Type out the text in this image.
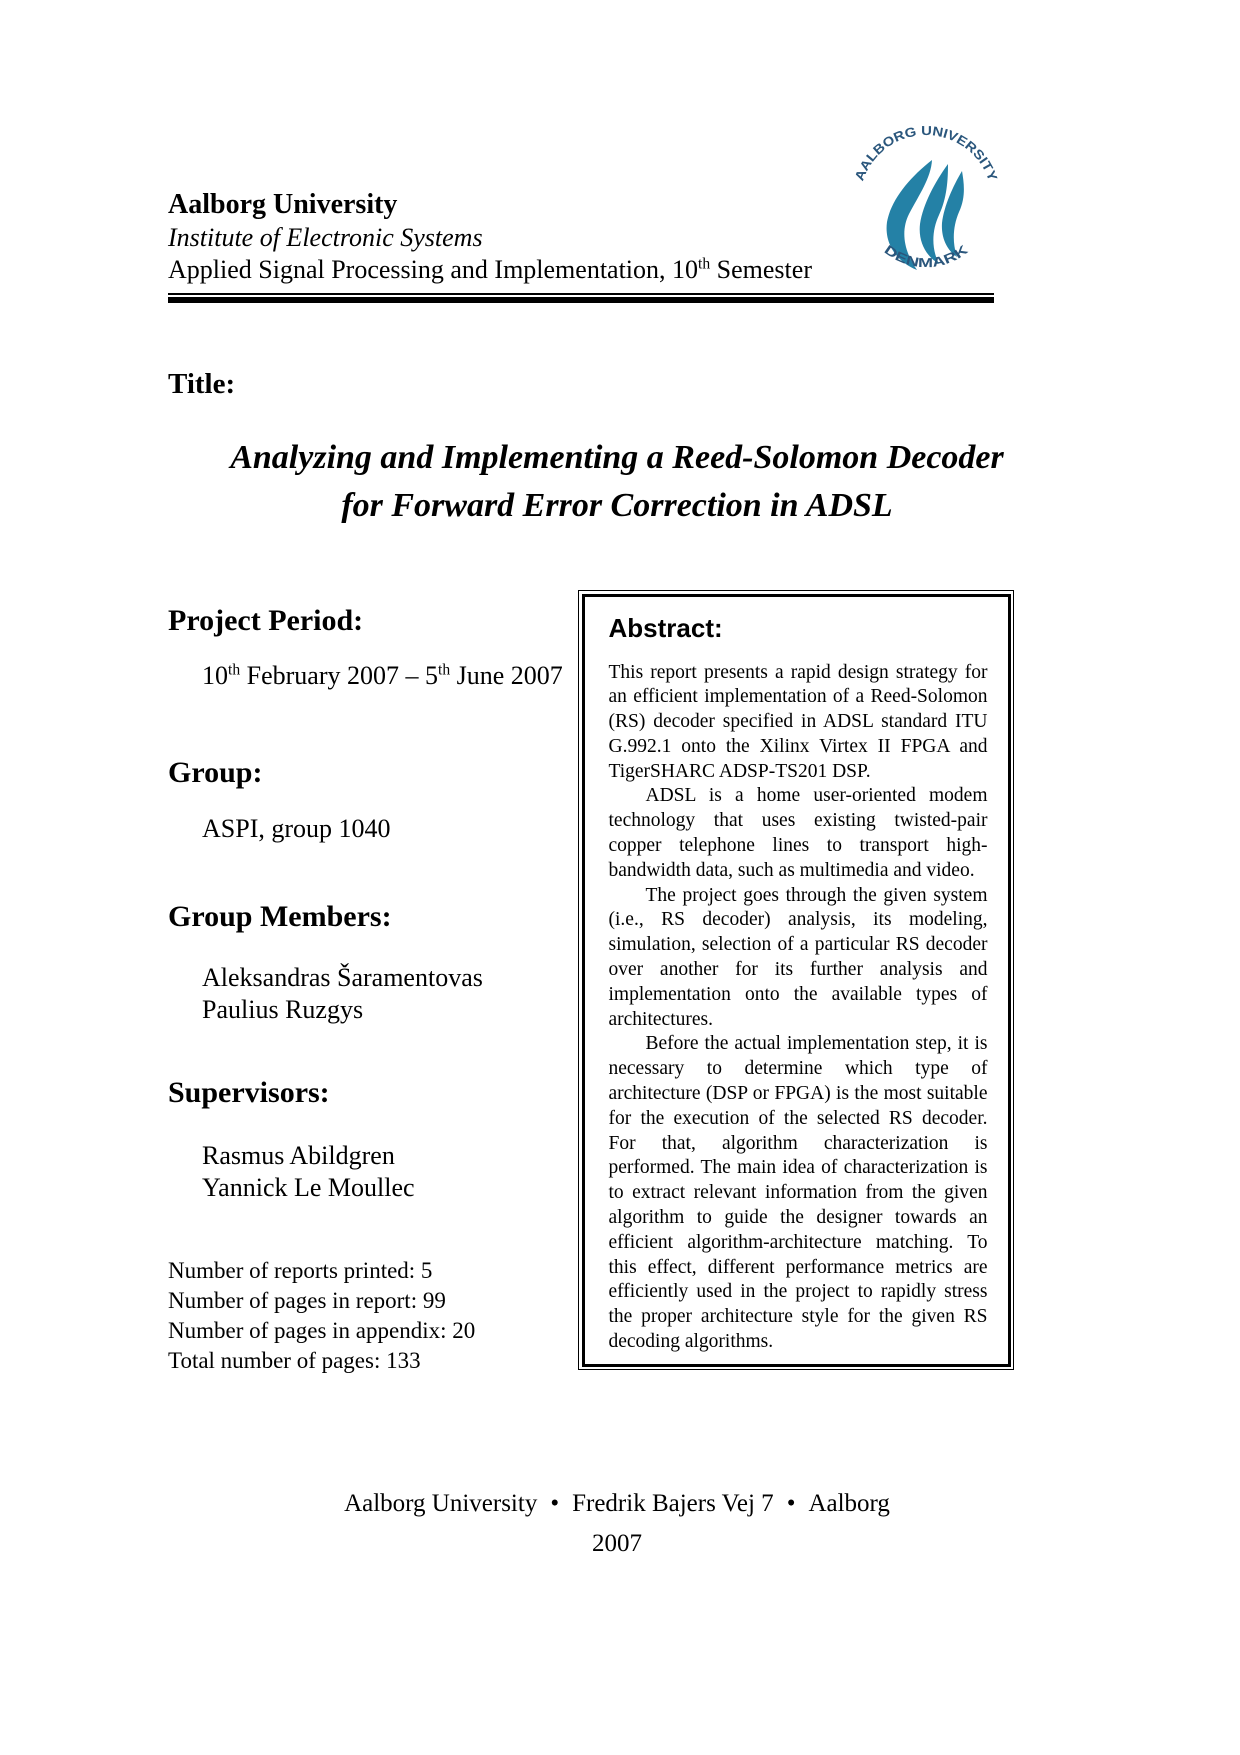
Aalborg University
Institute of Electronic Systems
Applied Signal Processing and Implementation, 10th Semester
AALBORG UNIVERSITY
DENMARK
Title:
Analyzing and Implementing a Reed-Solomon Decoder
for Forward Error Correction in ADSL
Project Period:
10th February 2007 – 5th June 2007
Group:
ASPI, group 1040
Group Members:
Aleksandras Šaramentovas
Paulius Ruzgys
Supervisors:
Rasmus Abildgren
Yannick Le Moullec
Number of reports printed: 5
Number of pages in report: 99
Number of pages in appendix: 20
Total number of pages: 133
Abstract:

This report presents a rapid design strategy for an efficient implementation of a Reed-Solomon (RS) decoder specified in ADSL standard ITU G.992.1 onto the Xilinx Virtex II FPGA and TigerSHARC ADSP-TS201 DSP.

ADSL is a home user-oriented modem technology that uses existing twisted-pair copper telephone lines to transport high-bandwidth data, such as multimedia and video.

The project goes through the given system (i.e., RS decoder) analysis, its modeling, simulation, selection of a particular RS decoder over another for its further analysis and implementation onto the available types of architectures.

Before the actual implementation step, it is necessary to determine which type of architecture (DSP or FPGA) is the most suitable for the execution of the selected RS decoder. For that, algorithm characterization is performed. The main idea of characterization is to extract relevant information from the given algorithm to guide the designer towards an efficient algorithm-architecture matching. To this effect, different performance metrics are efficiently used in the project to rapidly stress the proper architecture style for the given RS decoding algorithms.

Aalborg University • Fredrik Bajers Vej 7 • Aalborg
2007
